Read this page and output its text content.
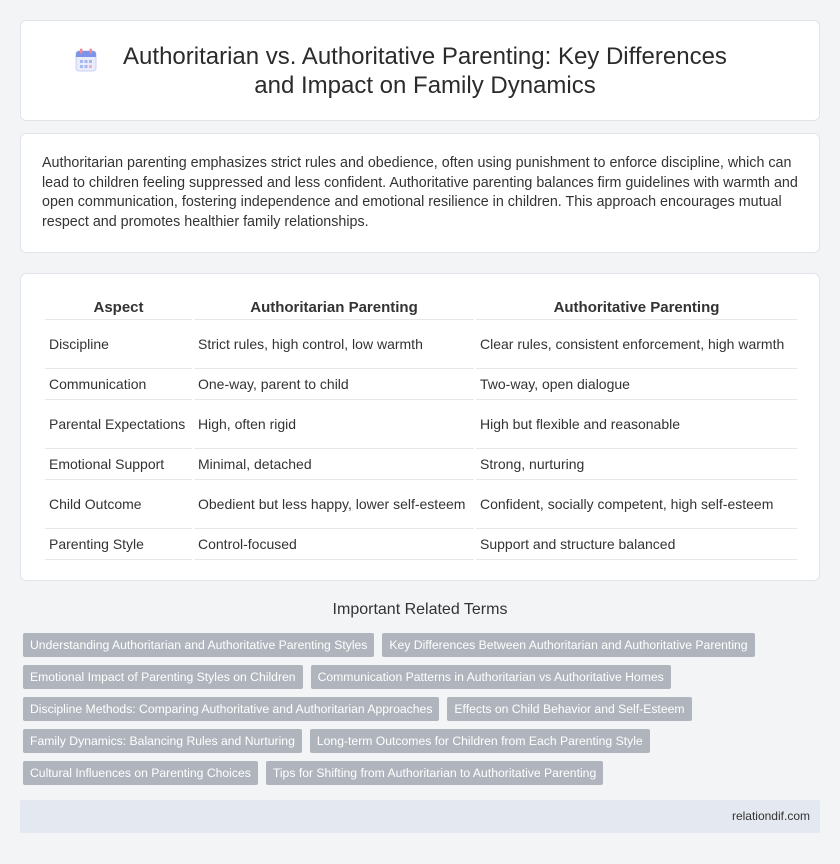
Authoritarian vs. Authoritative Parenting: Key Differences and Impact on Family Dynamics

Authoritarian parenting emphasizes strict rules and obedience, often using punishment to enforce discipline, which can lead to children feeling suppressed and less confident. Authoritative parenting balances firm guidelines with warmth and open communication, fostering independence and emotional resilience in children. This approach encourages mutual respect and promotes healthier family relationships.

Aspect	Authoritarian Parenting	Authoritative Parenting
Discipline	Strict rules, high control, low warmth	Clear rules, consistent enforcement, high warmth
Communication	One-way, parent to child	Two-way, open dialogue
Parental Expectations	High, often rigid	High but flexible and reasonable
Emotional Support	Minimal, detached	Strong, nurturing
Child Outcome	Obedient but less happy, lower self-esteem	Confident, socially competent, high self-esteem
Parenting Style	Control-focused	Support and structure balanced
Important Related Terms
Understanding Authoritarian and Authoritative Parenting Styles	Key Differences Between Authoritarian and Authoritative Parenting
Emotional Impact of Parenting Styles on Children	Communication Patterns in Authoritarian vs Authoritative Homes
Discipline Methods: Comparing Authoritative and Authoritarian Approaches	Effects on Child Behavior and Self-Esteem
Family Dynamics: Balancing Rules and Nurturing	Long-term Outcomes for Children from Each Parenting Style
Cultural Influences on Parenting Choices	Tips for Shifting from Authoritarian to Authoritative Parenting
relationdif.com
